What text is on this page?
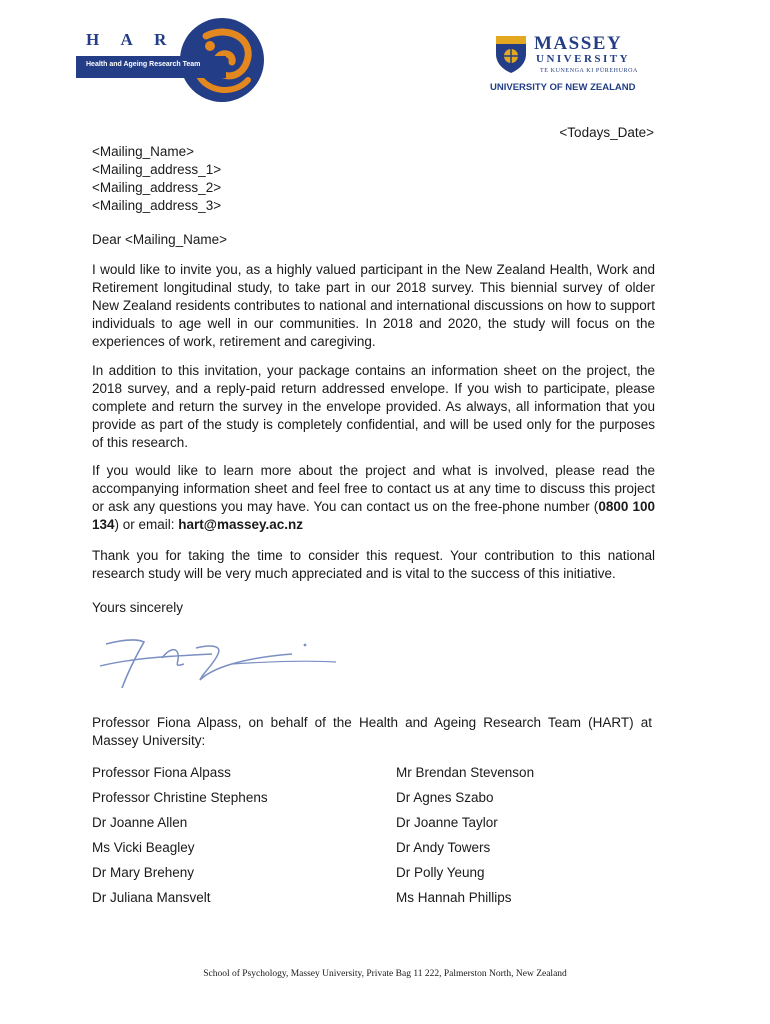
H A R T
Health and Ageing Research Team
MASSEY
UNIVERSITY
TE KUNENGA KI PŪREHUROA
UNIVERSITY OF NEW ZEALAND
<Todays_Date>
<Mailing_Name>
<Mailing_address_1>
<Mailing_address_2>
<Mailing_address_3>
Dear <Mailing_Name>
I would like to invite you, as a highly valued participant in the New Zealand Health, Work and Retirement longitudinal study, to take part in our 2018 survey. This biennial survey of older New Zealand residents contributes to national and international discussions on how to support individuals to age well in our communities. In 2018 and 2020, the study will focus on the experiences of work, retirement and caregiving.
In addition to this invitation, your package contains an information sheet on the project, the 2018 survey, and a reply-paid return addressed envelope. If you wish to participate, please complete and return the survey in the envelope provided. As always, all information that you provide as part of the study is completely confidential, and will be used only for the purposes of this research.
If you would like to learn more about the project and what is involved, please read the accompanying information sheet and feel free to contact us at any time to discuss this project or ask any questions you may have. You can contact us on the free-phone number (0800 100 134) or email: hart@massey.ac.nz
Thank you for taking the time to consider this request. Your contribution to this national research study will be very much appreciated and is vital to the success of this initiative.
Yours sincerely
Professor Fiona Alpass, on behalf of the Health and Ageing Research Team (HART) at Massey University:
Professor Fiona Alpass	Mr Brendan Stevenson
Professor Christine Stephens	Dr Agnes Szabo
Dr Joanne Allen	Dr Joanne Taylor
Ms Vicki Beagley	Dr Andy Towers
Dr Mary Breheny	Dr Polly Yeung
Dr Juliana Mansvelt	Ms Hannah Phillips
School of Psychology, Massey University, Private Bag 11 222, Palmerston North, New Zealand
